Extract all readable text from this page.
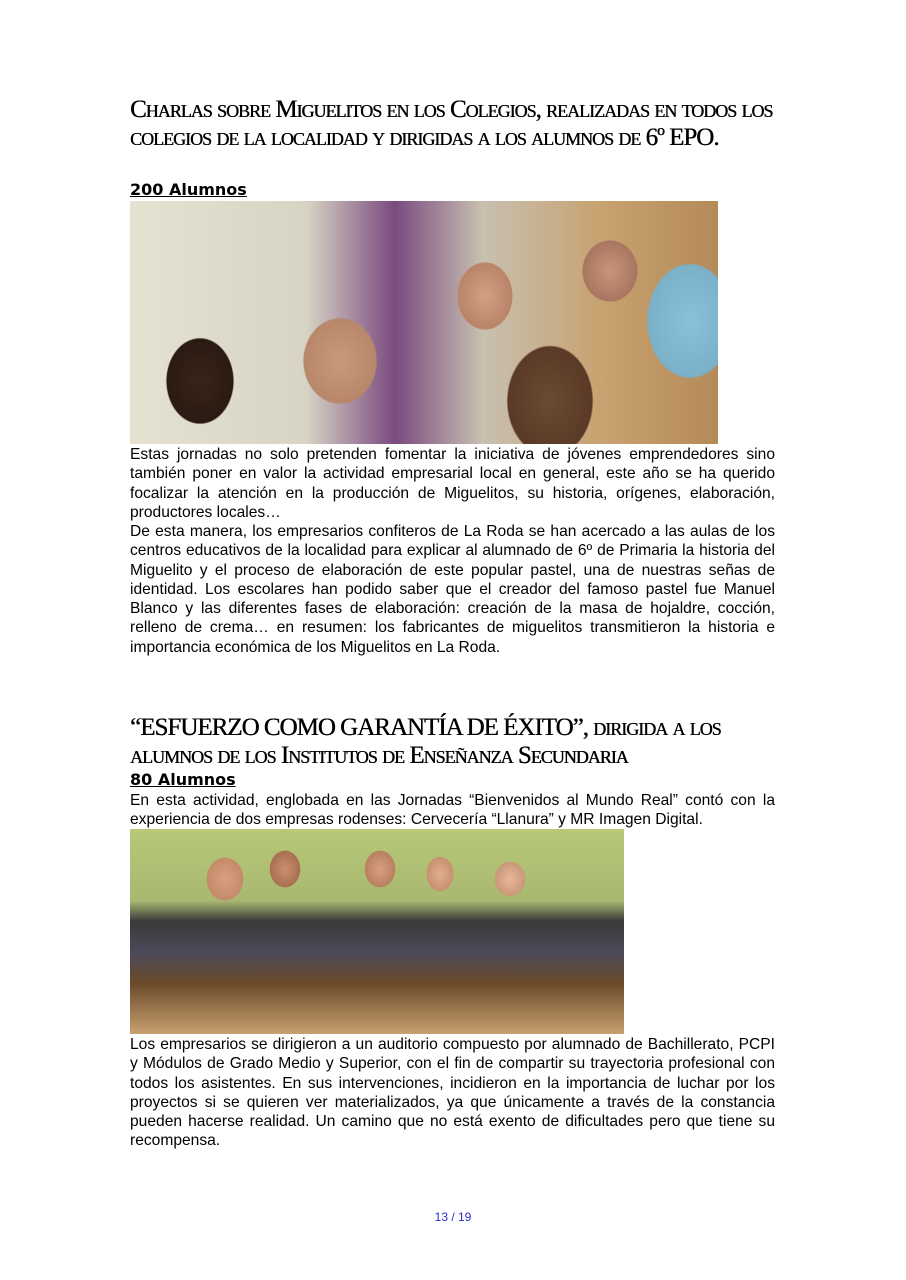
Charlas sobre Miguelitos en los Colegios, realizadas en todos los colegios de la localidad y dirigidas a los alumnos de 6º EPO.

200 Alumnos

Estas jornadas no solo pretenden fomentar la iniciativa de jóvenes emprendedores sino también poner en valor la actividad empresarial local en general, este año se ha querido focalizar la atención en la producción de Miguelitos, su historia, orígenes, elaboración, productores locales…

De esta manera, los empresarios confiteros de La Roda se han acercado a las aulas de los centros educativos de la localidad para explicar al alumnado de 6º de Primaria la historia del Miguelito y el proceso de elaboración de este popular pastel, una de nuestras señas de identidad. Los escolares han podido saber que el creador del famoso pastel fue Manuel Blanco y las diferentes fases de elaboración: creación de la masa de hojaldre, cocción, relleno de crema… en resumen: los fabricantes de miguelitos transmitieron la historia e importancia económica de los Miguelitos en La Roda.

“ESFUERZO COMO GARANTÍA DE ÉXITO”, dirigida a los alumnos de los Institutos de Enseñanza Secundaria

80 Alumnos

En esta actividad, englobada en las Jornadas “Bienvenidos al Mundo Real” contó con la experiencia de dos empresas rodenses: Cervecería “Llanura” y MR Imagen Digital.

Los empresarios se dirigieron a un auditorio compuesto por alumnado de Bachillerato, PCPI y Módulos de Grado Medio y Superior, con el fin de compartir su trayectoria profesional con todos los asistentes. En sus intervenciones, incidieron en la importancia de luchar por los proyectos si se quieren ver materializados, ya que únicamente a través de la constancia pueden hacerse realidad. Un camino que no está exento de dificultades pero que tiene su recompensa.

13 / 19
